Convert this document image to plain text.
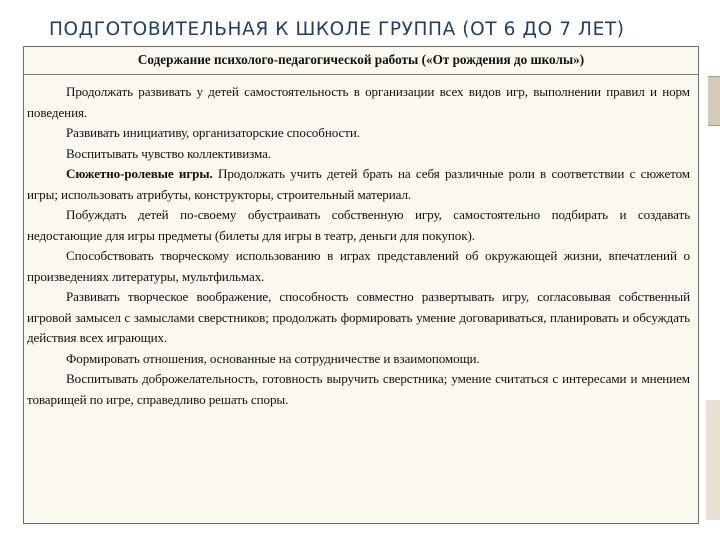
ПОДГОТОВИТЕЛЬНАЯ К ШКОЛЕ ГРУППА (ОТ 6 ДО 7 ЛЕТ)
Содержание психолого-педагогической работы («От рождения до школы»)

Продолжать развивать у детей самостоятельность в организации всех видов игр, выполнении правил и норм поведения.

Развивать инициативу, организаторские способности.

Воспитывать чувство коллективизма.

Сюжетно-ролевые игры. Продолжать учить детей брать на себя различные роли в соответствии с сюжетом игры; использовать атрибуты, конструкторы, строительный материал.

Побуждать детей по-своему обустраивать собственную игру, самостоятельно подбирать и создавать недостающие для игры предметы (билеты для игры в театр, деньги для покупок).

Способствовать творческому использованию в играх представлений об окружающей жизни, впечатлений о произведениях литературы, мультфильмах.

Развивать творческое воображение, способность совместно развертывать игру, согласовывая собственный игровой замысел с замыслами сверстников; продолжать формировать умение договариваться, планировать и обсуждать действия всех играющих.

Формировать отношения, основанные на сотрудничестве и взаимопомощи.

Воспитывать доброжелательность, готовность выручить сверстника; умение считаться с интересами и мнением товарищей по игре, справедливо решать споры.
